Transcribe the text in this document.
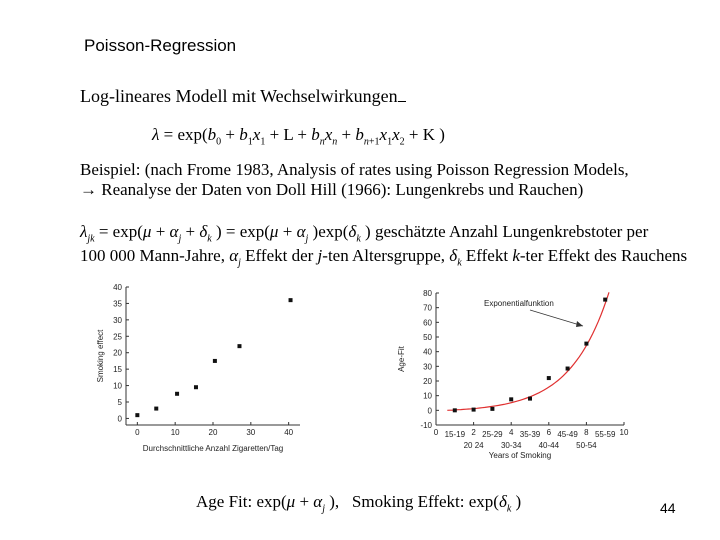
Poisson-Regression
Log-lineares Modell mit Wechselwirkungen
$\lambda = \exp(b_0 + b_1x_1 + L + b_nx_n + b_{n+1}x_1x_2 + K$ )
Beispiel: (nach Frome 1983, Analysis of rates using Poisson Regression Models,
→ Reanalyse der Daten von Doll Hill (1966): Lungenkrebs und Rauchen)
$\lambda_{jk} = \exp(\mu + \alpha_j + \delta_k$ ) = $\exp(\mu + \alpha_j$ )$\exp(\delta_k$ ) geschätzte Anzahl Lungenkrebstoter per
100 000 Mann-Jahre, $\alpha_j$ Effekt der j-ten Altersgruppe, $\delta_k$ Effekt k-ter Effekt des Rauchens
0
5
10
15
20
25
30
35
40
0	10	20	30	40
Smoking effect
Durchschnittliche Anzahl Zigaretten/Tag
-10
0
10
20
30
40
50
60
70
80
0	2	4	6	8	10
Age-Fit
15-19 25-29 35-39 45-49 55-59
20 24 30-34 40-44 50-54
Years of Smoking
Exponentialfunktion
Age Fit: $\exp(\mu + \alpha_j$ ),   Smoking Effekt: $\exp(\delta_k$ )	44
